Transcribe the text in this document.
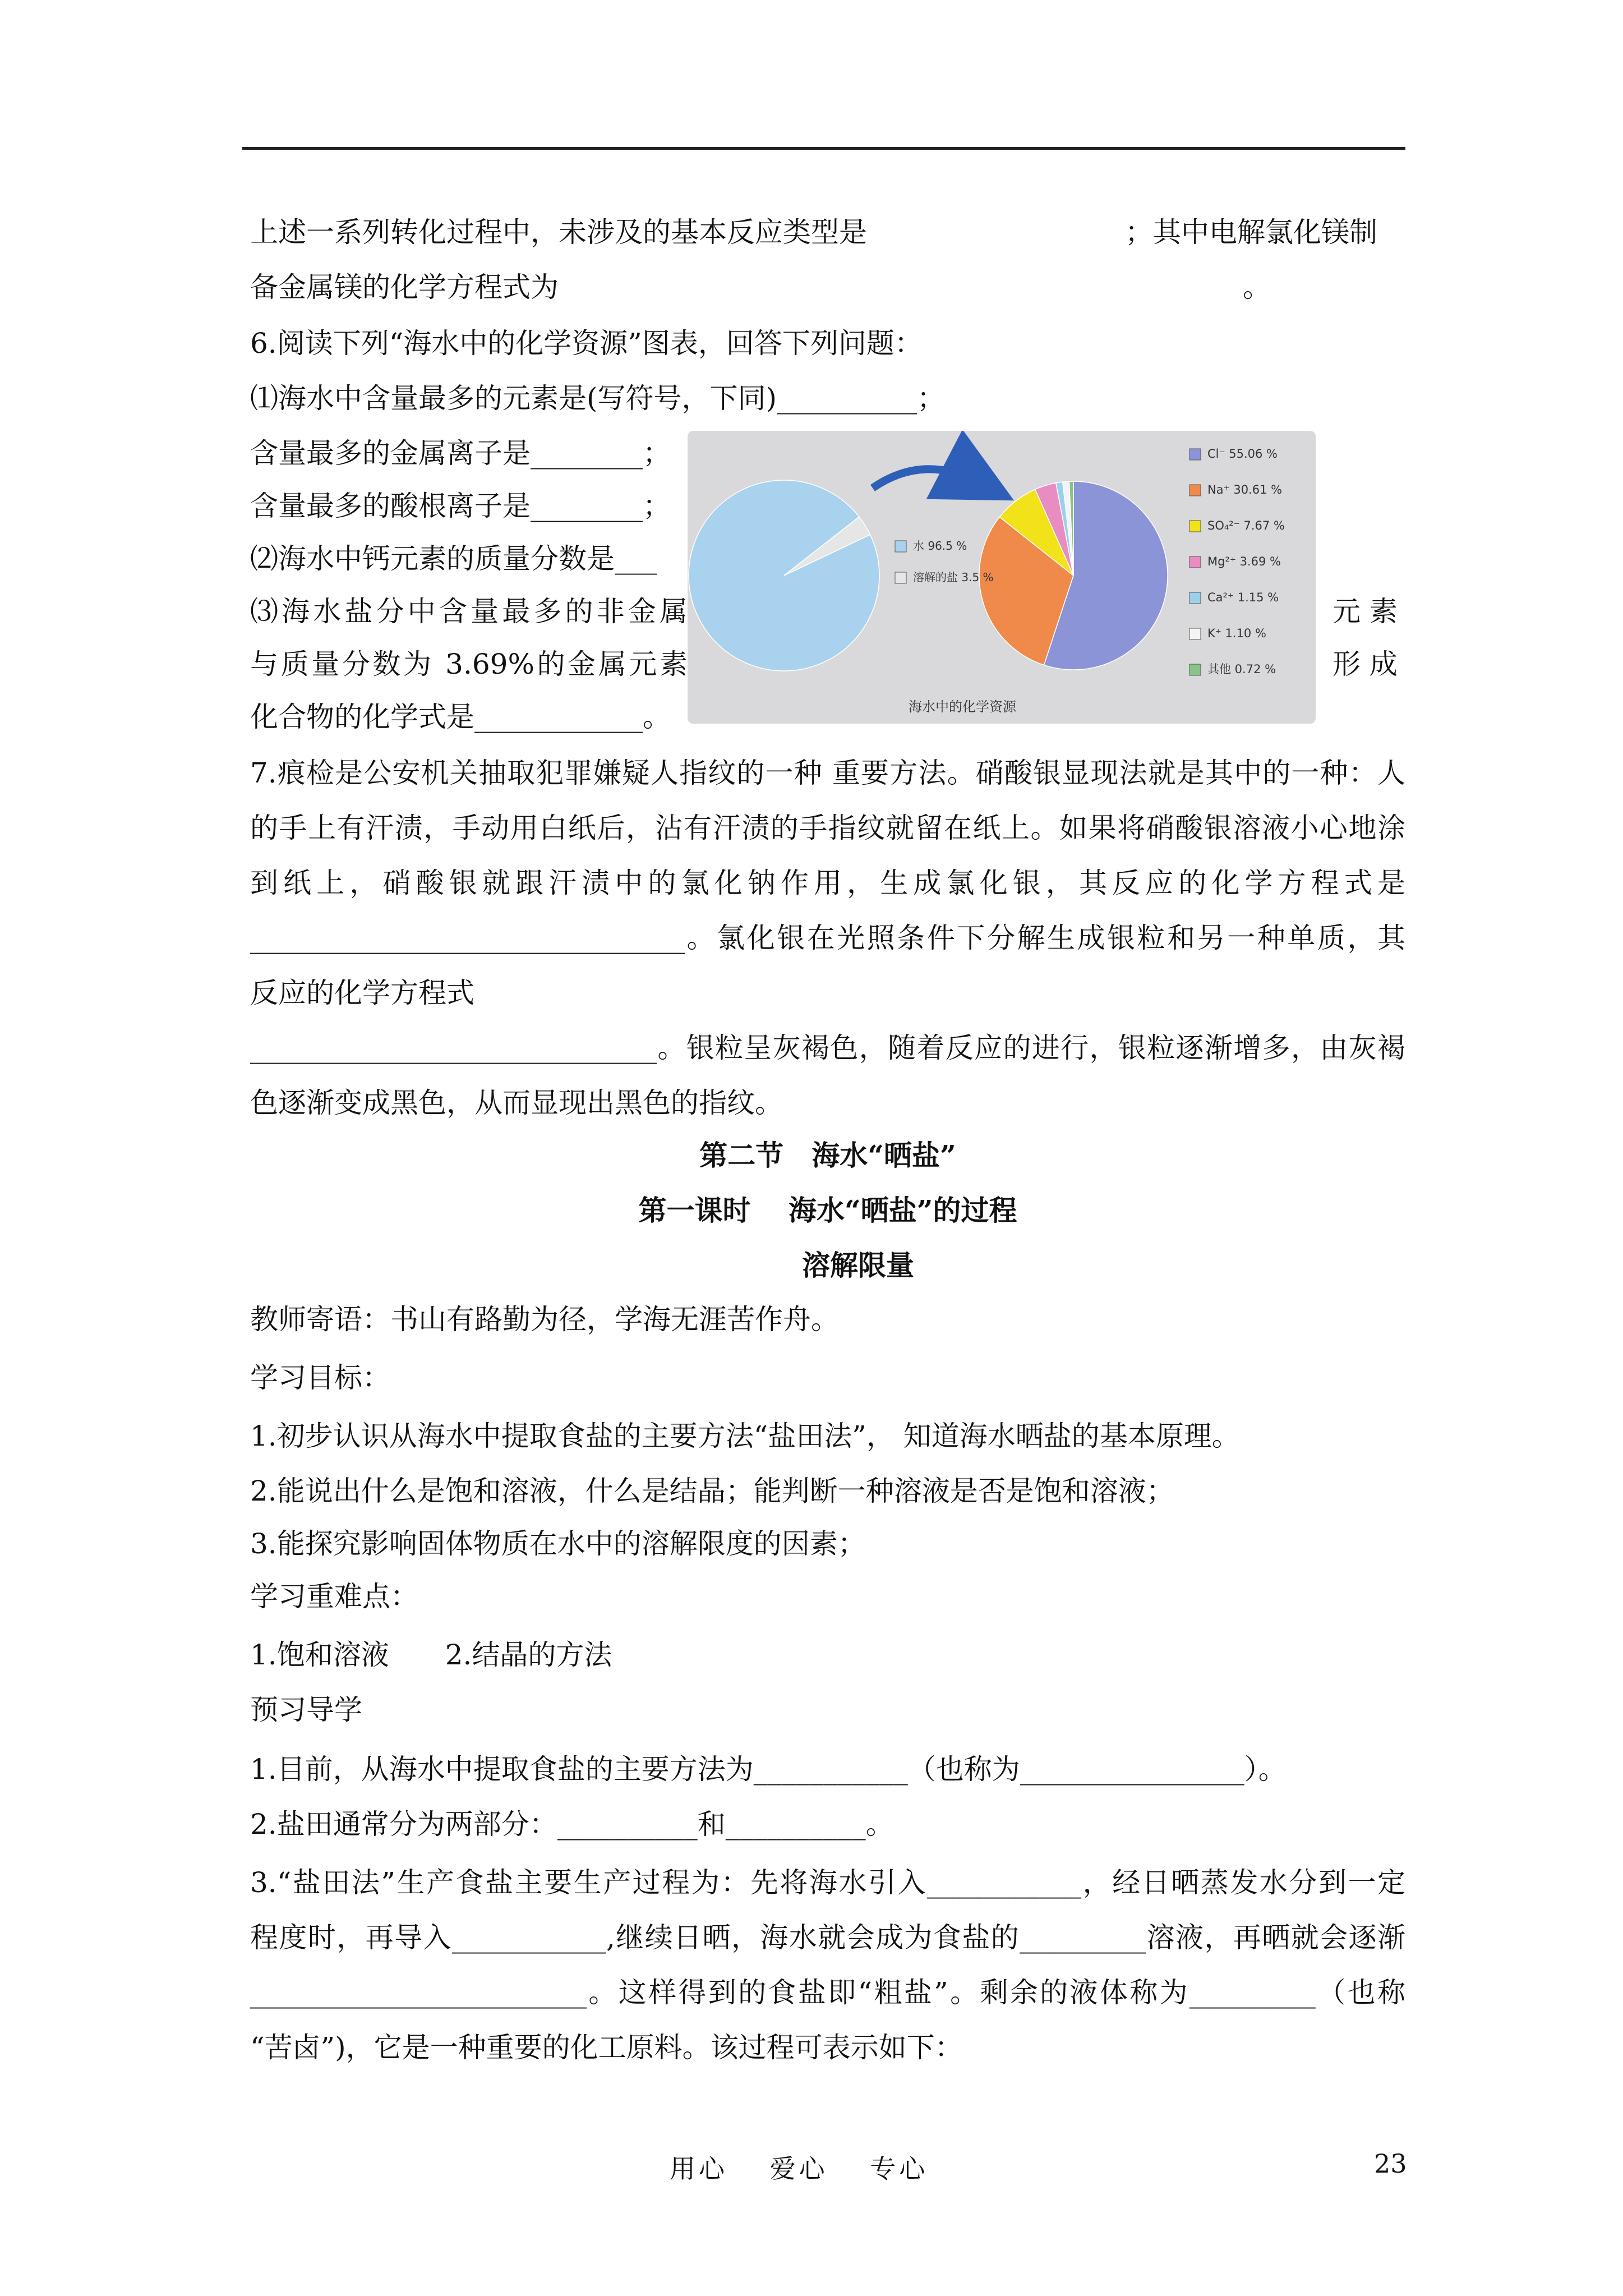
上述一系列转化过程中，未涉及的基本反应类型是	；其中电解氯化镁制
备金属镁的化学方程式为	。
6.阅读下列“海水中的化学资源”图表，回答下列问题：
⑴海水中含量最多的元素是(写符号，下同)__________；
含量最多的金属离子是________；
含量最多的酸根离子是________；
⑵海水中钙元素的质量分数是___
⑶海水盐分中含量最多的非金属	元 素
与质量分数为 3.69%的金属元素	形 成
化合物的化学式是____________。
水 96.5 %
溶解的盐 3.5 %
Cl⁻ 55.06 %
Na⁺ 30.61 %
SO₄²⁻ 7.67 %
Mg²⁺ 3.69 %
Ca²⁺ 1.15 %
K⁺ 1.10 %
其他 0.72 %
海水中的化学资源
7.痕检是公安机关抽取犯罪嫌疑人指纹的一种 重要方法。硝酸银显现法就是其中的一种：人
的手上有汗渍，手动用白纸后，沾有汗渍的手指纹就留在纸上。如果将硝酸银溶液小心地涂
到纸上，硝酸银就跟汗渍中的氯化钠作用，生成氯化银，其反应的化学方程式是
_______________________________。氯化银在光照条件下分解生成银粒和另一种单质，其
反应的化学方程式
_____________________________。银粒呈灰褐色，随着反应的进行，银粒逐渐增多，由灰褐
色逐渐变成黑色，从而显现出黑色的指纹。
第二节　海水“晒盐”
第一课时　 海水“晒盐”的过程
溶解限量
教师寄语：书山有路勤为径，学海无涯苦作舟。
学习目标：
1.初步认识从海水中提取食盐的主要方法“盐田法”， 知道海水晒盐的基本原理。
2.能说出什么是饱和溶液，什么是结晶；能判断一种溶液是否是饱和溶液；
3.能探究影响固体物质在水中的溶解限度的因素；
学习重难点：
1.饱和溶液　　2.结晶的方法
预习导学
1.目前，从海水中提取食盐的主要方法为___________（也称为________________）。
2.盐田通常分为两部分：__________和__________。
3.“盐田法”生产食盐主要生产过程为：先将海水引入___________，经日晒蒸发水分到一定
程度时，再导入___________,继续日晒，海水就会成为食盐的_________溶液，再晒就会逐渐
________________________。这样得到的食盐即“粗盐”。剩余的液体称为_________（也称
“苦卤”)，它是一种重要的化工原料。该过程可表示如下：
用心 爱心 专心	23
